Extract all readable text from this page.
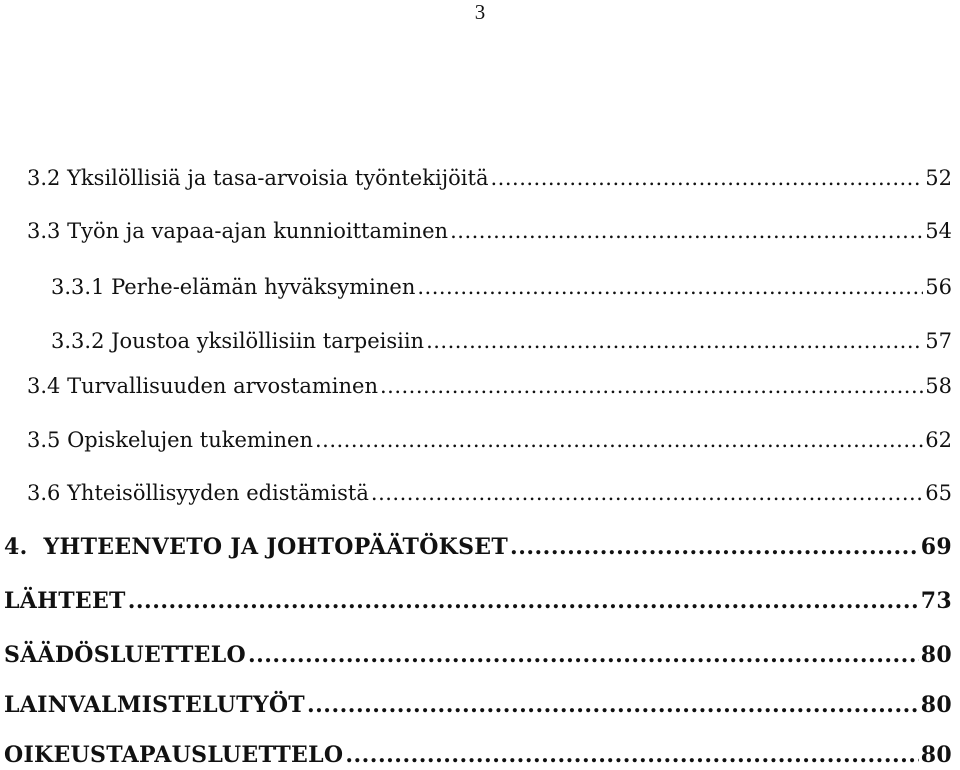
3
3.2 Yksilöllisiä ja tasa-arvoisia työntekijöitä .....	52
3.3 Työn ja vapaa-ajan kunnioittaminen .....	54
3.3.1 Perhe-elämän hyväksyminen .....	56
3.3.2 Joustoa yksilöllisiin tarpeisiin .....	57
3.4 Turvallisuuden arvostaminen .....	58
3.5 Opiskelujen tukeminen .....	62
3.6 Yhteisöllisyyden edistämistä .....	65
4.  YHTEENVETO JA JOHTOPÄÄTÖKSET .....	69
LÄHTEET .....	73
SÄÄDÖSLUETTELO .....	80
LAINVALMISTELUTYÖT .....	80
OIKEUSTAPAUSLUETTELO .....	80
